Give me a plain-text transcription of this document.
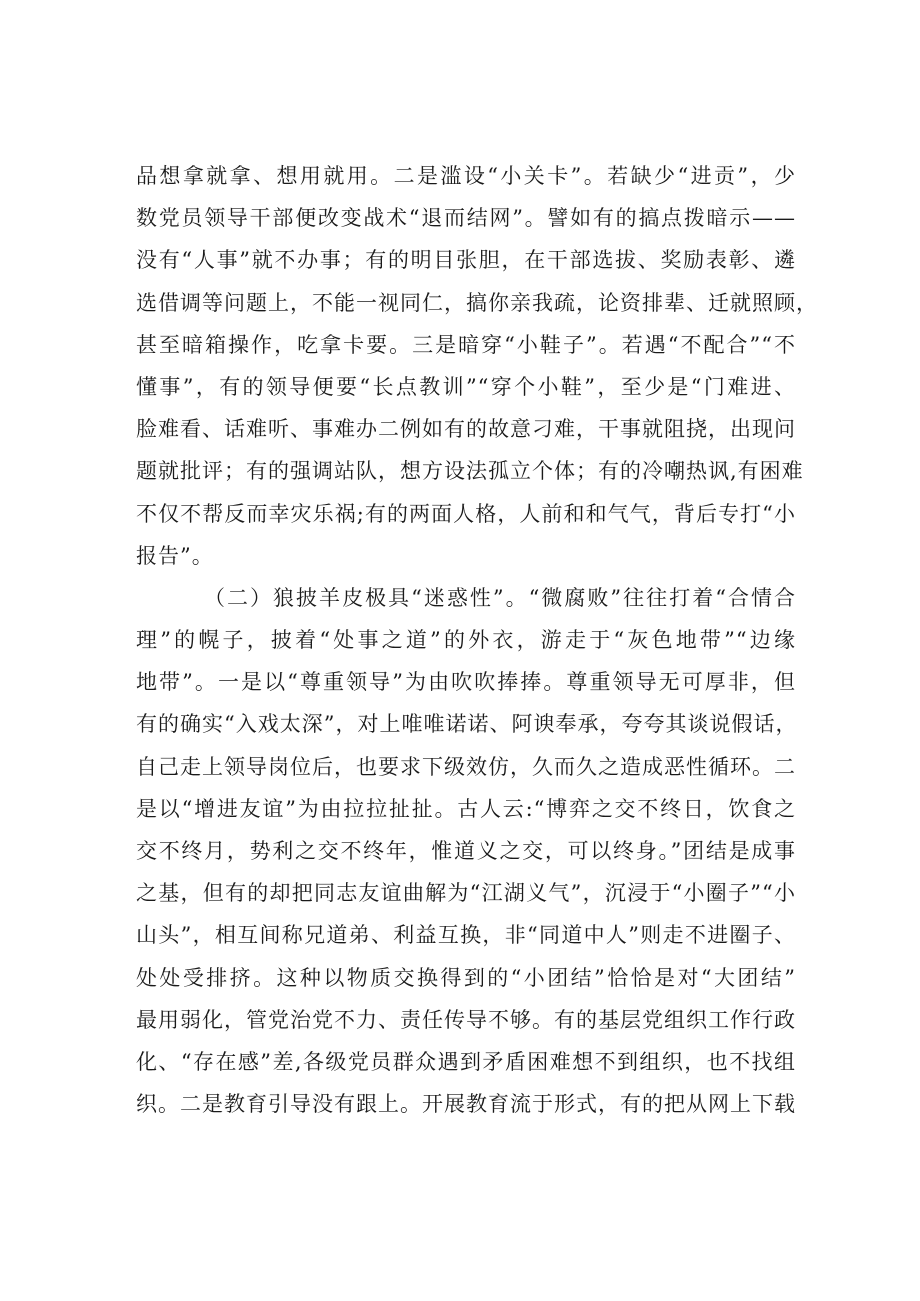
品想拿就拿、想用就用。二是滥设“小关卡”。若缺少“进贡”，少
数党员领导干部便改变战术“退而结网”。譬如有的搞点拨暗示——
没有“人事”就不办事；有的明目张胆，在干部选拔、奖励表彰、遴
选借调等问题上，不能一视同仁，搞你亲我疏，论资排辈、迁就照顾，
甚至暗箱操作，吃拿卡要。三是暗穿“小鞋子”。若遇“不配合”“不
懂事”，有的领导便要“长点教训”“穿个小鞋”，至少是“门难进、
脸难看、话难听、事难办二例如有的故意刁难，干事就阻挠，出现问
题就批评；有的强调站队，想方设法孤立个体；有的冷嘲热讽,有困难
不仅不帮反而幸灾乐祸;有的两面人格，人前和和气气，背后专打“小
报告”。
（二）狼披羊皮极具“迷惑性”。“微腐败”往往打着“合情合
理”的幌子，披着“处事之道”的外衣，游走于“灰色地带”“边缘
地带”。一是以“尊重领导”为由吹吹捧捧。尊重领导无可厚非，但
有的确实“入戏太深”，对上唯唯诺诺、阿谀奉承，夸夸其谈说假话，
自己走上领导岗位后，也要求下级效仿，久而久之造成恶性循环。二
是以“增进友谊”为由拉拉扯扯。古人云:“博弈之交不终日，饮食之
交不终月，势利之交不终年，惟道义之交，可以终身。”团结是成事
之基，但有的却把同志友谊曲解为“江湖义气”，沉浸于“小圈子”“小
山头”，相互间称兄道弟、利益互换，非“同道中人”则走不进圈子、
处处受排挤。这种以物质交换得到的“小团结”恰恰是对“大团结”
最用弱化，管党治党不力、责任传导不够。有的基层党组织工作行政
化、“存在感”差,各级党员群众遇到矛盾困难想不到组织，也不找组
织。二是教育引导没有跟上。开展教育流于形式，有的把从网上下载
